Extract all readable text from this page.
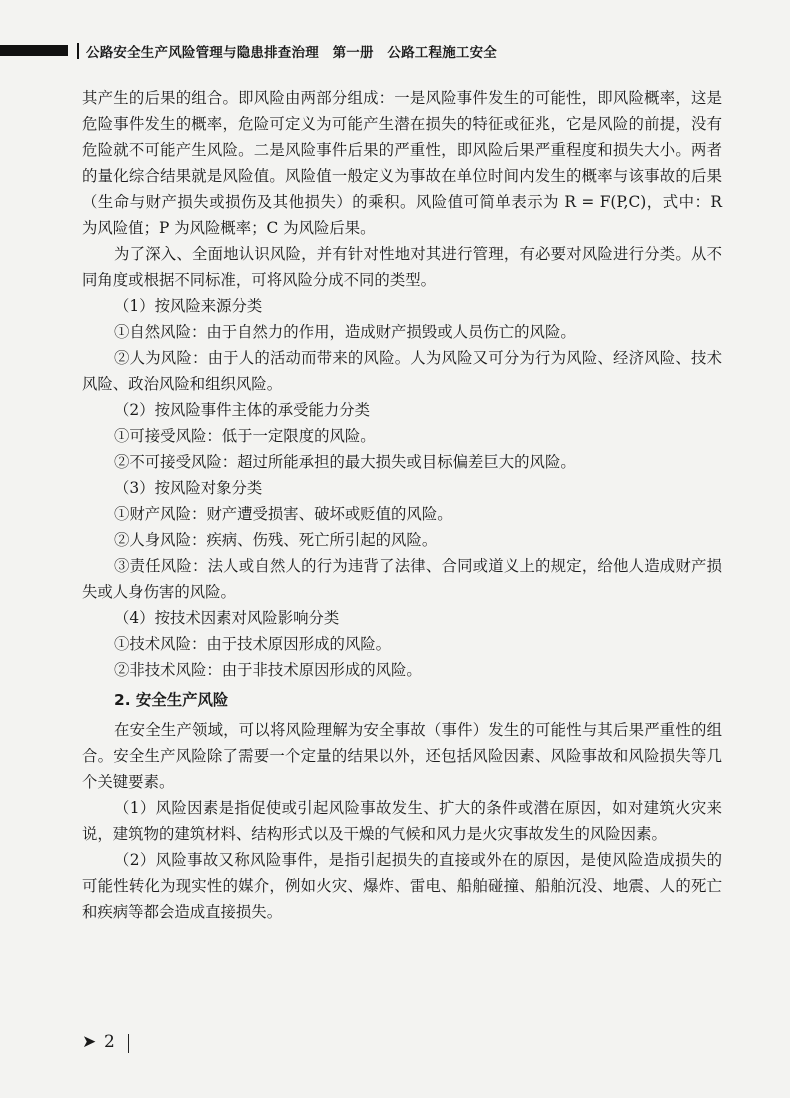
公路安全生产风险管理与隐患排查治理　第一册　公路工程施工安全

其产生的后果的组合。即风险由两部分组成：一是风险事件发生的可能性，即风险概率，这是危险事件发生的概率，危险可定义为可能产生潜在损失的特征或征兆，它是风险的前提，没有危险就不可能产生风险。二是风险事件后果的严重性，即风险后果严重程度和损失大小。两者的量化综合结果就是风险值。风险值一般定义为事故在单位时间内发生的概率与该事故的后果（生命与财产损失或损伤及其他损失）的乘积。风险值可简单表示为 R = F(P,C)，式中：R 为风险值；P 为风险概率；C 为风险后果。

为了深入、全面地认识风险，并有针对性地对其进行管理，有必要对风险进行分类。从不同角度或根据不同标准，可将风险分成不同的类型。

（1）按风险来源分类

①自然风险：由于自然力的作用，造成财产损毁或人员伤亡的风险。

②人为风险：由于人的活动而带来的风险。人为风险又可分为行为风险、经济风险、技术风险、政治风险和组织风险。

（2）按风险事件主体的承受能力分类

①可接受风险：低于一定限度的风险。

②不可接受风险：超过所能承担的最大损失或目标偏差巨大的风险。

（3）按风险对象分类

①财产风险：财产遭受损害、破坏或贬值的风险。

②人身风险：疾病、伤残、死亡所引起的风险。

③责任风险：法人或自然人的行为违背了法律、合同或道义上的规定，给他人造成财产损失或人身伤害的风险。

（4）按技术因素对风险影响分类

①技术风险：由于技术原因形成的风险。

②非技术风险：由于非技术原因形成的风险。

2. 安全生产风险

在安全生产领域，可以将风险理解为安全事故（事件）发生的可能性与其后果严重性的组合。安全生产风险除了需要一个定量的结果以外，还包括风险因素、风险事故和风险损失等几个关键要素。

（1）风险因素是指促使或引起风险事故发生、扩大的条件或潜在原因，如对建筑火灾来说，建筑物的建筑材料、结构形式以及干燥的气候和风力是火灾事故发生的风险因素。

（2）风险事故又称风险事件，是指引起损失的直接或外在的原因，是使风险造成损失的可能性转化为现实性的媒介，例如火灾、爆炸、雷电、船舶碰撞、船舶沉没、地震、人的死亡和疾病等都会造成直接损失。

➤ 2
